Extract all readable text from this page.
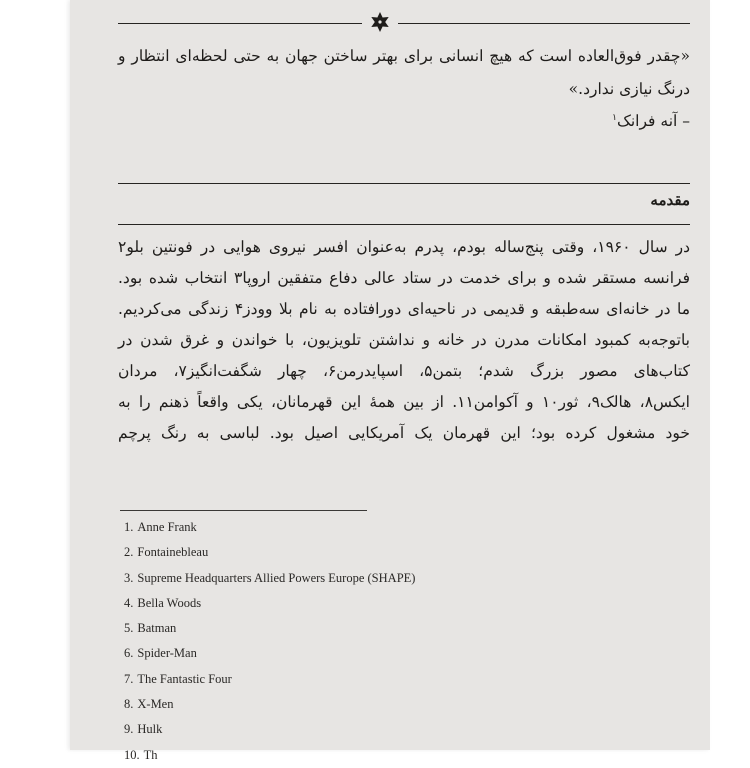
«چقدر فوق‌العاده است که هیچ انسانی برای بهتر ساختن جهان به حتی لحظه‌ای انتظار و درنگ نیازی ندارد.»
– آنه فرانک$^۱$
مقدمه
در سال ۱۹۶۰، وقتی پنج‌ساله بودم، پدرم به‌عنوان افسر نیروی هوایی در فونتین بلو۲
فرانسه مستقر شده و برای خدمت در ستاد عالی دفاع متفقین اروپا۳ انتخاب شده بود.
ما در خانه‌ای سه‌طبقه و قدیمی در ناحیه‌ای دورافتاده به نام بلا وودز۴ زندگی می‌کردیم.
باتوجه‌به کمبود امکانات مدرن در خانه و نداشتن تلویزیون، با خواندن و غرق شدن در
کتاب‌های مصور بزرگ شدم؛ بتمن۵، اسپایدرمن۶، چهار شگفت‌انگیز۷، مردان
ایکس۸، هالک۹، ثور۱۰ و آکوامن۱۱. از بین همهٔ این قهرمانان، یکی واقعاً ذهنم را به
خود مشغول کرده بود؛ این قهرمان یک آمریکایی اصیل بود. لباسی به رنگ پرچم
1. Anne Frank
2. Fontainebleau
3. Supreme Headquarters Allied Powers Europe (SHAPE)
4. Bella Woods
5. Batman
6. Spider-Man
7. The Fantastic Four
8. X-Men
9. Hulk
10. Th
